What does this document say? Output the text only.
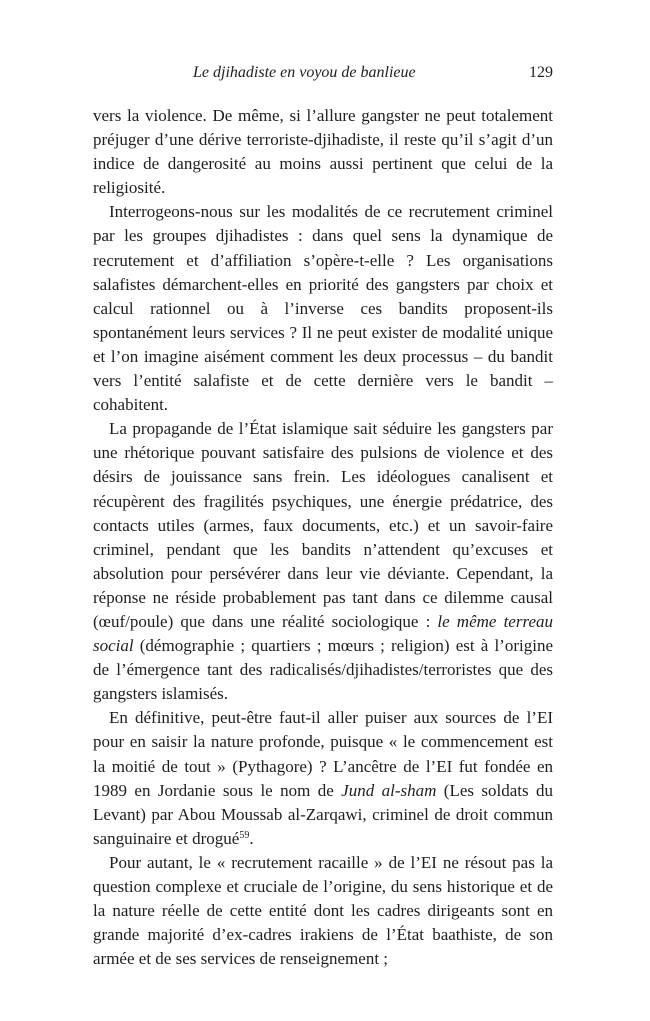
Le djihadiste en voyou de banlieue	129

vers la violence. De même, si l’allure gangster ne peut totalement préjuger d’une dérive terroriste-djihadiste, il reste qu’il s’agit d’un indice de dangerosité au moins aussi pertinent que celui de la religiosité.

Interrogeons-nous sur les modalités de ce recrutement criminel par les groupes djihadistes : dans quel sens la dynamique de recrutement et d’affiliation s’opère-t-elle ? Les organisations salafistes démarchent-elles en priorité des gangsters par choix et calcul rationnel ou à l’inverse ces bandits proposent-ils spontanément leurs services ? Il ne peut exister de modalité unique et l’on imagine aisément comment les deux processus – du bandit vers l’entité salafiste et de cette dernière vers le bandit – cohabitent.

La propagande de l’État islamique sait séduire les gangsters par une rhétorique pouvant satisfaire des pulsions de violence et des désirs de jouissance sans frein. Les idéologues canalisent et récupèrent des fragilités psychiques, une énergie prédatrice, des contacts utiles (armes, faux documents, etc.) et un savoir-faire criminel, pendant que les bandits n’attendent qu’excuses et absolution pour persévérer dans leur vie déviante. Cependant, la réponse ne réside probablement pas tant dans ce dilemme causal (œuf/poule) que dans une réalité sociologique : le même terreau social (démographie ; quartiers ; mœurs ; religion) est à l’origine de l’émergence tant des radicalisés/djihadistes/terroristes que des gangsters islamisés.

En définitive, peut-être faut-il aller puiser aux sources de l’EI pour en saisir la nature profonde, puisque « le commencement est la moitié de tout » (Pythagore) ? L’ancêtre de l’EI fut fondée en 1989 en Jordanie sous le nom de Jund al-sham (Les soldats du Levant) par Abou Moussab al-Zarqawi, criminel de droit commun sanguinaire et drogué$^{59}$.

Pour autant, le « recrutement racaille » de l’EI ne résout pas la question complexe et cruciale de l’origine, du sens historique et de la nature réelle de cette entité dont les cadres dirigeants sont en grande majorité d’ex-cadres irakiens de l’État baathiste, de son armée et de ses services de renseignement ;
